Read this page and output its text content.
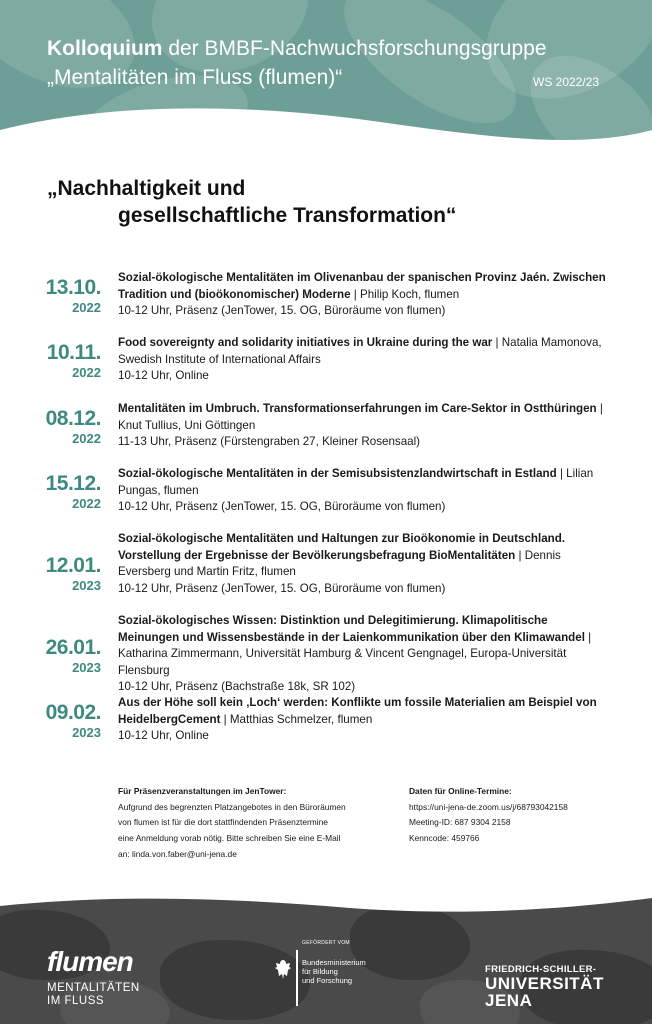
Kolloquium der BMBF-Nachwuchsforschungsgruppe
„Mentalitäten im Fluss (flumen)“	WS 2022/23
„Nachhaltigkeit und
gesellschaftliche Transformation“
13.10.
2022
Sozial-ökologische Mentalitäten im Olivenanbau der spanischen Provinz Jaén. Zwischen Tradition und (bioökonomischer) Moderne | Philip Koch, flumen
10-12 Uhr, Präsenz (JenTower, 15. OG, Büroräume von flumen)
10.11.
2022
Food sovereignty and solidarity initiatives in Ukraine during the war | Natalia Mamonova, Swedish Institute of International Affairs
10-12 Uhr, Online
08.12.
2022
Mentalitäten im Umbruch. Transformationserfahrungen im Care-Sektor in Ostthüringen | Knut Tullius, Uni Göttingen
11-13 Uhr, Präsenz (Fürstengraben 27, Kleiner Rosensaal)
15.12.
2022
Sozial-ökologische Mentalitäten in der Semisubsistenzlandwirtschaft in Estland | Lilian Pungas, flumen
10-12 Uhr, Präsenz (JenTower, 15. OG, Büroräume von flumen)
12.01.
2023
Sozial-ökologische Mentalitäten und Haltungen zur Bioökonomie in Deutschland. Vorstellung der Ergebnisse der Bevölkerungsbefragung BioMentalitäten | Dennis Eversberg und Martin Fritz, flumen
10-12 Uhr, Präsenz (JenTower, 15. OG, Büroräume von flumen)
26.01.
2023
Sozial-ökologisches Wissen: Distinktion und Delegitimierung. Klimapolitische Meinungen und Wissensbestände in der Laienkommunikation über den Klimawandel | Katharina Zimmermann, Universität Hamburg & Vincent Gengnagel, Europa-Universität Flensburg
10-12 Uhr, Präsenz (Bachstraße 18k, SR 102)
09.02.
2023
Aus der Höhe soll kein ‚Loch‘ werden: Konflikte um fossile Materialien am Beispiel von HeidelbergCement | Matthias Schmelzer, flumen
10-12 Uhr, Online
Für Präsenzveranstaltungen im JenTower:
Aufgrund des begrenzten Platzangebotes in den Büroräumen
von flumen ist für die dort stattfindenden Präsenztermine
eine Anmeldung vorab nötig. Bitte schreiben Sie eine E-Mail
an: linda.von.faber@uni-jena.de
Daten für Online-Termine:
https://uni-jena-de.zoom.us/j/68793042158
Meeting-ID: 687 9304 2158
Kenncode: 459766
flumen
MENTALITÄTEN
IM FLUSS
GEFÖRDERT VOM
Bundesministerium
für Bildung
und Forschung
FRIEDRICH-SCHILLER-
UNIVERSITÄT
JENA
